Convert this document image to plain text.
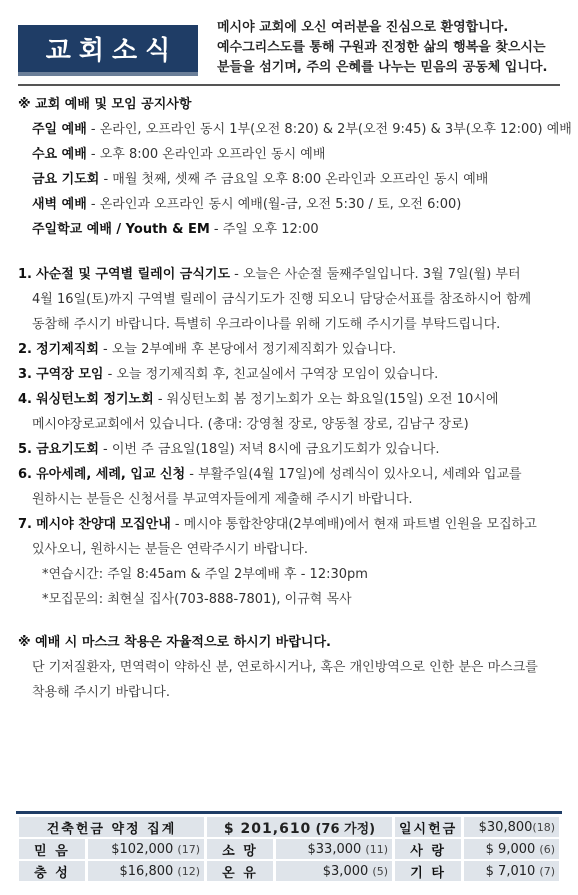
교회소식
메시야 교회에 오신 여러분을 진심으로 환영합니다.
예수그리스도를 통해 구원과 진정한 삶의 행복을 찾으시는
분들을 섬기며, 주의 은혜를 나누는 믿음의 공동체 입니다.
※ 교회 예배 및 모임 공지사항
주일 예배 - 온라인, 오프라인 동시 1부(오전 8:20) & 2부(오전 9:45) & 3부(오후 12:00) 예배
수요 예배 - 오후 8:00 온라인과 오프라인 동시 예배
금요 기도회 - 매월 첫째, 셋째 주 금요일 오후 8:00 온라인과 오프라인 동시 예배
새벽 예배 - 온라인과 오프라인 동시 예배(월-금, 오전 5:30 / 토, 오전 6:00)
주일학교 예배 / Youth & EM - 주일 오후 12:00
1. 사순절 및 구역별 릴레이 금식기도 - 오늘은 사순절 둘째주일입니다. 3월 7일(월) 부터
4월 16일(토)까지 구역별 릴레이 금식기도가 진행 되오니 담당순서표를 참조하시어 함께
동참해 주시기 바랍니다. 특별히 우크라이나를 위해 기도해 주시기를 부탁드립니다.
2. 정기제직회 - 오늘 2부예배 후 본당에서 정기제직회가 있습니다.
3. 구역장 모임 - 오늘 정기제직회 후, 친교실에서 구역장 모임이 있습니다.
4. 워싱턴노회 정기노회 - 워싱턴노회 봄 정기노회가 오는 화요일(15일) 오전 10시에
메시야장로교회에서 있습니다. (총대: 강영철 장로, 양동철 장로, 김남구 장로)
5. 금요기도회 - 이번 주 금요일(18일) 저녁 8시에 금요기도회가 있습니다.
6. 유아세례, 세례, 입교 신청 - 부활주일(4월 17일)에 성례식이 있사오니, 세례와 입교를
원하시는 분들은 신청서를 부교역자들에게 제출해 주시기 바랍니다.
7. 메시야 찬양대 모집안내 - 메시야 통합찬양대(2부예배)에서 현재 파트별 인원을 모집하고
있사오니, 원하시는 분들은 연락주시기 바랍니다.
*연습시간: 주일 8:45am & 주일 2부예배 후 - 12:30pm
*모집문의: 최현실 집사(703-888-7801), 이규혁 목사
※ 예배 시 마스크 착용은 자율적으로 하시기 바랍니다.
단 기저질환자, 면역력이 약하신 분, 연로하시거나, 혹은 개인방역으로 인한 분은 마스크를
착용해 주시기 바랍니다.
건축헌금 약정 집계		$ 201,610 (76 가정)		일시헌금	$30,800(18)
믿 음	$102,000 (17)	소 망	$33,000 (11)	사 랑	$ 9,000 (6)
충 성	$16,800 (12)	온 유	$3,000 (5)	기 타	$ 7,010 (7)
